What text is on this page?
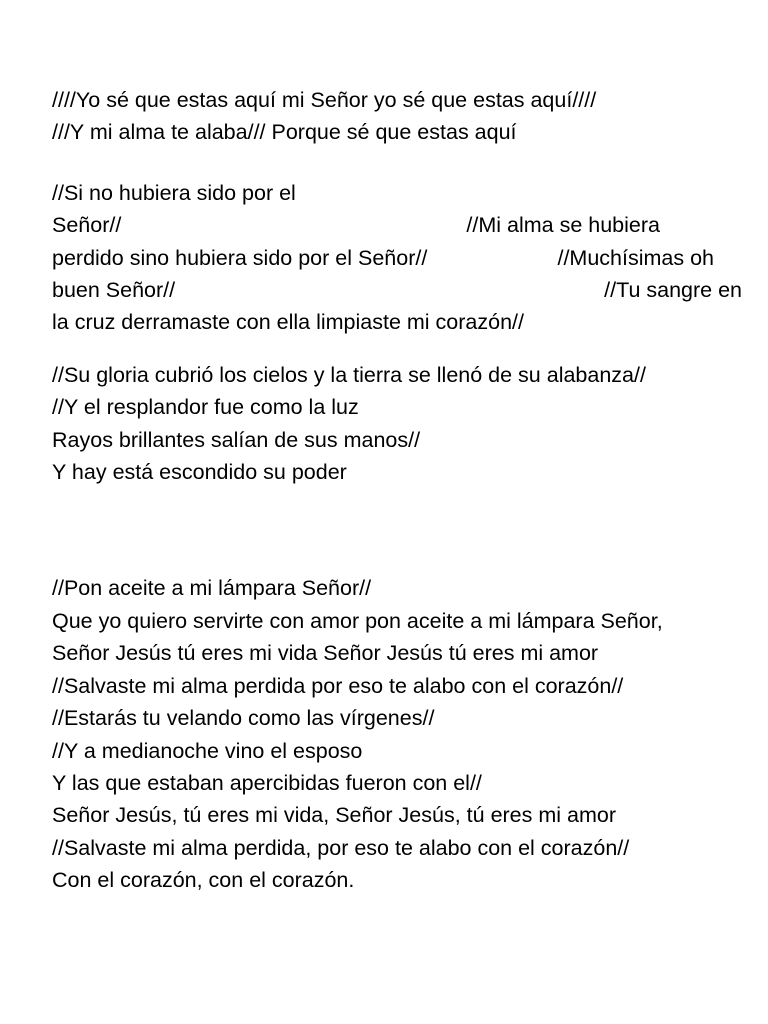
////Yo sé que estas aquí mi Señor yo sé que estas aquí////
///Y mi alma te alaba/// Porque sé que estas aquí
//Si no hubiera sido por el
Señor//	//Mi alma se hubiera
perdido sino hubiera sido por el Señor//	//Muchísimas oh
buen Señor//	//Tu sangre en
la cruz derramaste con ella limpiaste mi corazón//
//Su gloria cubrió los cielos y la tierra se llenó de su alabanza//
//Y el resplandor fue como la luz
Rayos brillantes salían de sus manos//
Y hay está escondido su poder
//Pon aceite a mi lámpara Señor//
Que yo quiero servirte con amor pon aceite a mi lámpara Señor,
Señor Jesús tú eres mi vida Señor Jesús tú eres mi amor
//Salvaste mi alma perdida por eso te alabo con el corazón//
//Estarás tu velando como las vírgenes//
//Y a medianoche vino el esposo
Y las que estaban apercibidas fueron con el//
Señor Jesús, tú eres mi vida, Señor Jesús, tú eres mi amor
//Salvaste mi alma perdida, por eso te alabo con el corazón//
Con el corazón, con el corazón.
